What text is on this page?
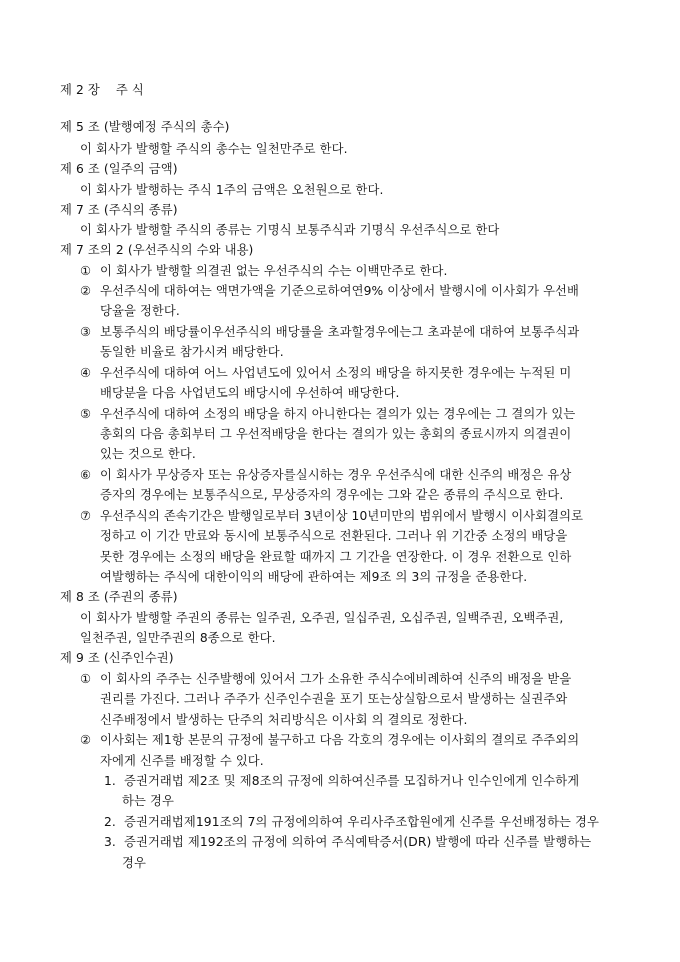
제 2 장    주 식
제 5 조 (발행예정 주식의 총수)
이 회사가 발행할 주식의 총수는 일천만주로 한다.
제 6 조 (일주의 금액)
이 회사가 발행하는 주식 1주의 금액은 오천원으로 한다.
제 7 조 (주식의 종류)
이 회사가 발행할 주식의 종류는 기명식 보통주식과 기명식 우선주식으로 한다
제 7 조의 2 (우선주식의 수와 내용)
① 이 회사가 발행할 의결권 없는 우선주식의 수는 이백만주로 한다.
② 우선주식에 대하여는 액면가액을 기준으로하여연9% 이상에서 발행시에 이사회가 우선배
당율을 정한다.
③ 보통주식의 배당률이우선주식의 배당률을 초과할경우에는그 초과분에 대하여 보통주식과
동일한 비율로 참가시켜 배당한다.
④ 우선주식에 대하여 어느 사업년도에 있어서 소정의 배당을 하지못한 경우에는 누적된 미
배당분을 다음 사업년도의 배당시에 우선하여 배당한다.
⑤ 우선주식에 대하여 소정의 배당을 하지 아니한다는 결의가 있는 경우에는 그 결의가 있는
총회의 다음 총회부터 그 우선적배당을 한다는 결의가 있는 총회의 종료시까지 의결권이
있는 것으로 한다.
⑥ 이 회사가 무상증자 또는 유상증자를실시하는 경우 우선주식에 대한 신주의 배정은 유상
증자의 경우에는 보통주식으로, 무상증자의 경우에는 그와 같은 종류의 주식으로 한다.
⑦ 우선주식의 존속기간은 발행일로부터 3년이상 10년미만의 범위에서 발행시 이사회결의로
정하고 이 기간 만료와 동시에 보통주식으로 전환된다. 그러나 위 기간중 소정의 배당을
못한 경우에는 소정의 배당을 완료할 때까지 그 기간을 연장한다. 이 경우 전환으로 인하
여발행하는 주식에 대한이익의 배당에 관하여는 제9조 의 3의 규정을 준용한다.
제 8 조 (주권의 종류)
이 회사가 발행할 주권의 종류는 일주권, 오주권, 일십주권, 오십주권, 일백주권, 오백주권,
일천주권, 일만주권의 8종으로 한다.
제 9 조 (신주인수권)
① 이 회사의 주주는 신주발행에 있어서 그가 소유한 주식수에비례하여 신주의 배정을 받을
권리를 가진다. 그러나 주주가 신주인수권을 포기 또는상실함으로서 발생하는 실권주와
신주배정에서 발생하는 단주의 처리방식은 이사회 의 결의로 정한다.
② 이사회는 제1항 본문의 규정에 불구하고 다음 각호의 경우에는 이사회의 결의로 주주외의
자에게 신주를 배정할 수 있다.
1. 증권거래법 제2조 및 제8조의 규정에 의하여신주를 모집하거나 인수인에게 인수하게
하는 경우
2. 증권거래법제191조의 7의 규정에의하여 우리사주조합원에게 신주를 우선배정하는 경우
3. 증권거래법 제192조의 규정에 의하여 주식예탁증서(DR) 발행에 따라 신주를 발행하는
경우
